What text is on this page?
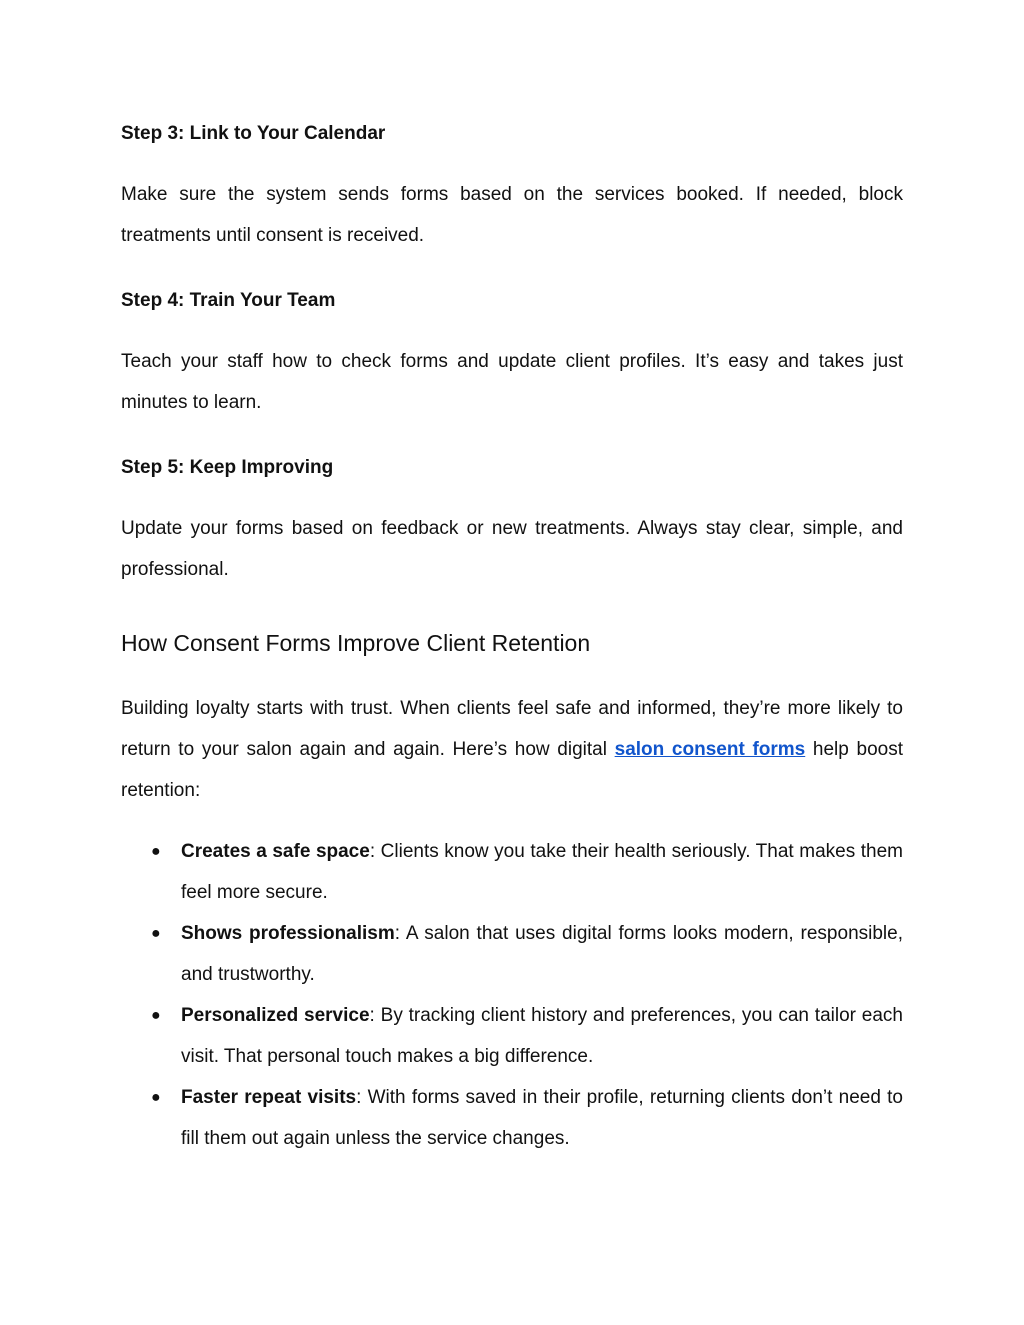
Step 3: Link to Your Calendar

Make sure the system sends forms based on the services booked. If needed, block treatments until consent is received.

Step 4: Train Your Team

Teach your staff how to check forms and update client profiles. It’s easy and takes just minutes to learn.

Step 5: Keep Improving

Update your forms based on feedback or new treatments. Always stay clear, simple, and professional.

How Consent Forms Improve Client Retention

Building loyalty starts with trust. When clients feel safe and informed, they’re more likely to return to your salon again and again. Here’s how digital salon consent forms help boost retention:

● Creates a safe space: Clients know you take their health seriously. That makes them feel more secure.
● Shows professionalism: A salon that uses digital forms looks modern, responsible, and trustworthy.
● Personalized service: By tracking client history and preferences, you can tailor each visit. That personal touch makes a big difference.
● Faster repeat visits: With forms saved in their profile, returning clients don’t need to fill them out again unless the service changes.
